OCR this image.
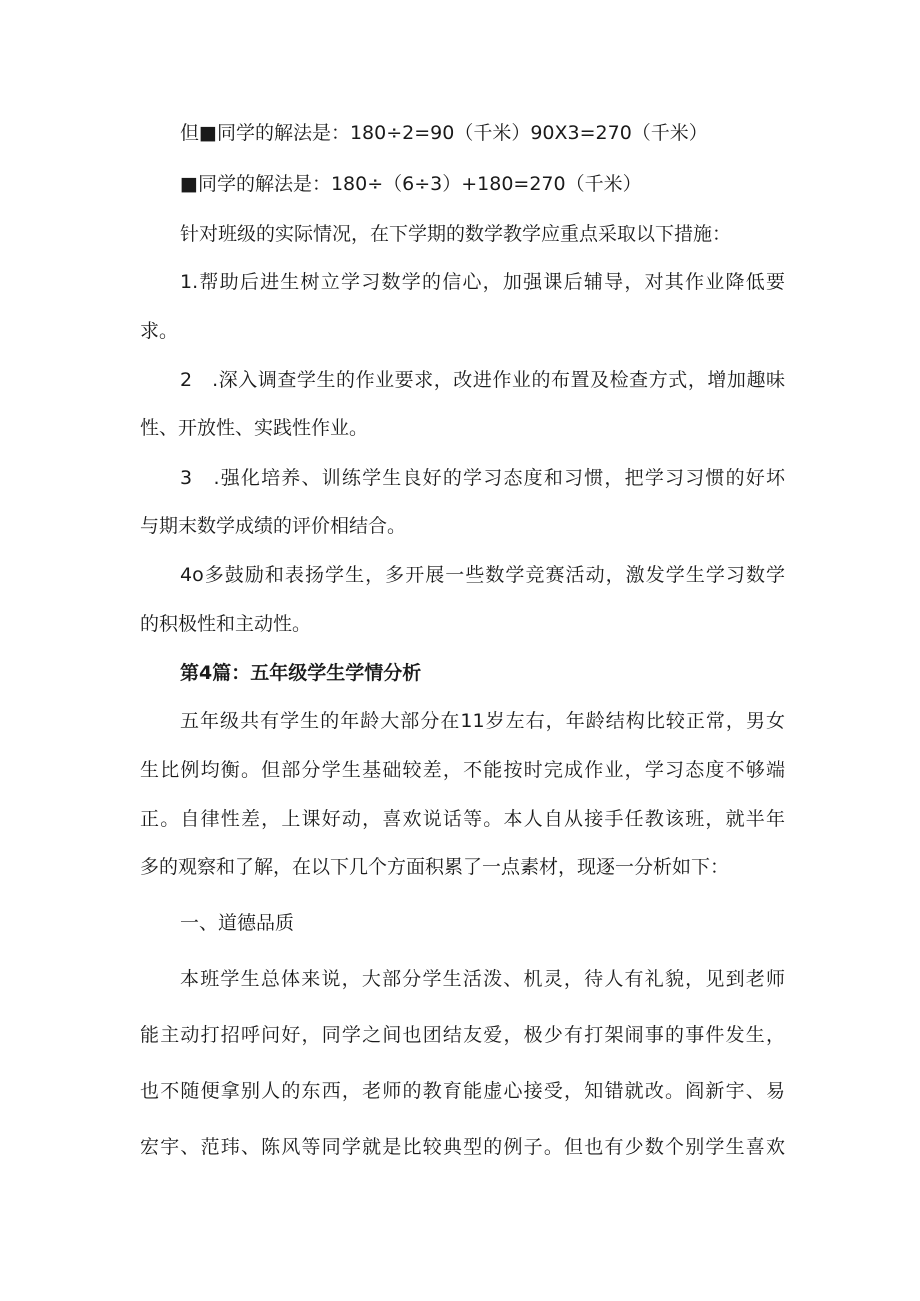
但■同学的解法是：180÷2=90（千米）90X3=270（千米）
■同学的解法是：180÷（6÷3）+180=270（千米）
针对班级的实际情况，在下学期的数学教学应重点采取以下措施：
1.帮助后进生树立学习数学的信心，加强课后辅导，对其作业降低要
求。
2　.深入调查学生的作业要求，改进作业的布置及检查方式，增加趣味
性、开放性、实践性作业。
3　.强化培养、训练学生良好的学习态度和习惯，把学习习惯的好坏
与期末数学成绩的评价相结合。
4o多鼓励和表扬学生，多开展一些数学竞赛活动，激发学生学习数学
的积极性和主动性。
第4篇：五年级学生学情分析
五年级共有学生的年龄大部分在11岁左右，年龄结构比较正常，男女
生比例均衡。但部分学生基础较差，不能按时完成作业，学习态度不够端
正。自律性差，上课好动，喜欢说话等。本人自从接手任教该班，就半年
多的观察和了解，在以下几个方面积累了一点素材，现逐一分析如下：
一、道德品质
本班学生总体来说，大部分学生活泼、机灵，待人有礼貌，见到老师
能主动打招呼问好，同学之间也团结友爱，极少有打架闹事的事件发生，
也不随便拿别人的东西，老师的教育能虚心接受，知错就改。阎新宇、易
宏宇、范玮、陈风等同学就是比较典型的例子。但也有少数个别学生喜欢
